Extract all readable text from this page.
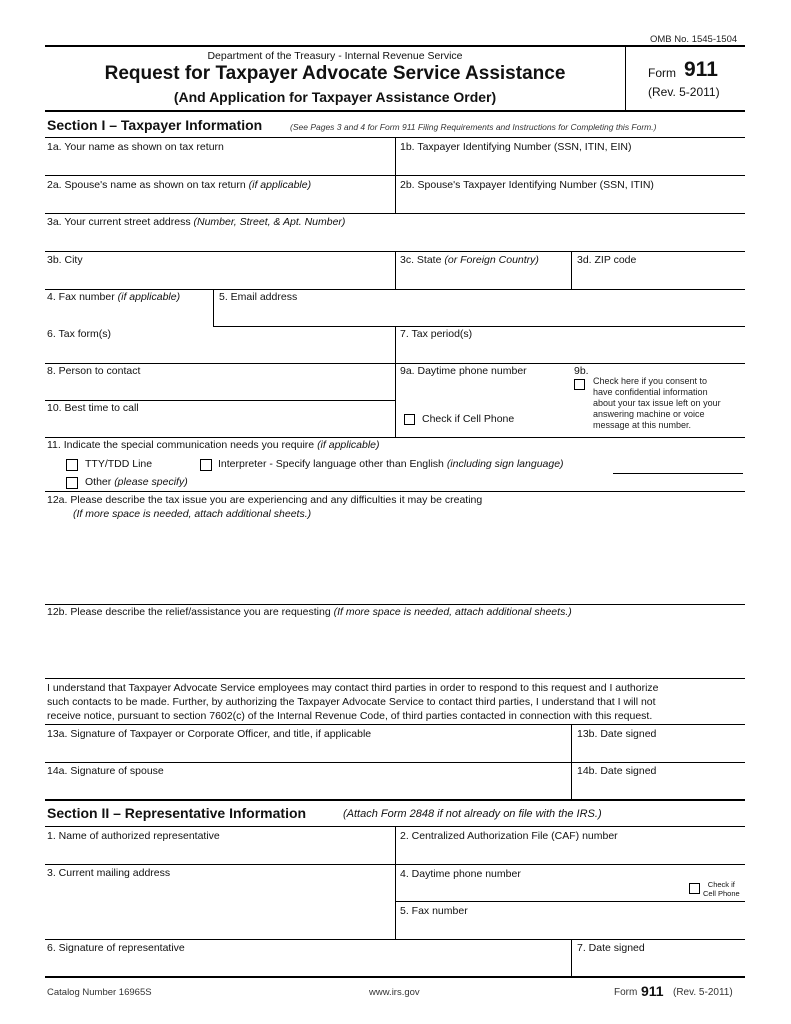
OMB No. 1545-1504
Department of the Treasury - Internal Revenue Service
Request for Taxpayer Advocate Service Assistance
(And Application for Taxpayer Assistance Order)
Form 911
(Rev. 5-2011)
Section I – Taxpayer Information	(See Pages 3 and 4 for Form 911 Filing Requirements and Instructions for Completing this Form.)
1a. Your name as shown on tax return	1b. Taxpayer Identifying Number (SSN, ITIN, EIN)
2a. Spouse's name as shown on tax return (if applicable)	2b. Spouse's Taxpayer Identifying Number (SSN, ITIN)
3a. Your current street address (Number, Street, & Apt. Number)
3b. City	3c. State (or Foreign Country)	3d. ZIP code
4. Fax number (if applicable)	5. Email address
6. Tax form(s)	7. Tax period(s)
8. Person to contact	9a. Daytime phone number	9b.
Check here if you consent to
have confidential information
about your tax issue left on your
answering machine or voice
message at this number.
10. Best time to call
Check if Cell Phone
11. Indicate the special communication needs you require (if applicable)
TTY/TDD Line	Interpreter - Specify language other than English (including sign language)
Other (please specify)
12a. Please describe the tax issue you are experiencing and any difficulties it may be creating
(If more space is needed, attach additional sheets.)
12b. Please describe the relief/assistance you are requesting (If more space is needed, attach additional sheets.)
I understand that Taxpayer Advocate Service employees may contact third parties in order to respond to this request and I authorize
such contacts to be made. Further, by authorizing the Taxpayer Advocate Service to contact third parties, I understand that I will not
receive notice, pursuant to section 7602(c) of the Internal Revenue Code, of third parties contacted in connection with this request.
13a. Signature of Taxpayer or Corporate Officer, and title, if applicable	13b. Date signed
14a. Signature of spouse	14b. Date signed
Section II – Representative Information	(Attach Form 2848 if not already on file with the IRS.)
1. Name of authorized representative	2. Centralized Authorization File (CAF) number
3. Current mailing address	4. Daytime phone number
Check if
Cell Phone
5. Fax number
6. Signature of representative	7. Date signed
Catalog Number 16965S	www.irs.gov	Form 911 (Rev. 5-2011)
